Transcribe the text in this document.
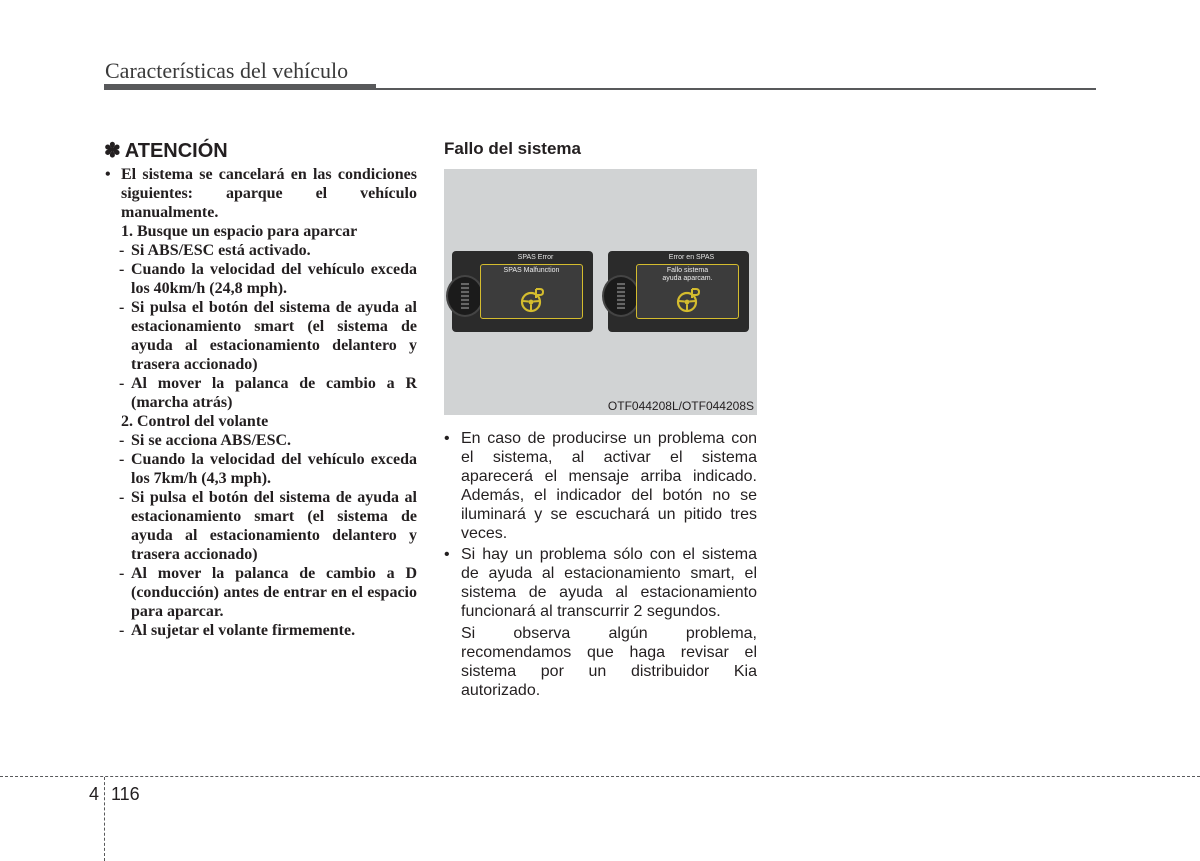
Características del vehículo
✽ ATENCIÓN
• El sistema se cancelará en las condiciones siguientes: aparque el vehículo manualmente.
1. Busque un espacio para aparcar
- Si ABS/ESC está activado.
- Cuando la velocidad del vehículo exceda los 40km/h (24,8 mph).
- Si pulsa el botón del sistema de ayuda al estacionamiento smart (el sistema de ayuda al estacionamiento delantero y trasera accionado)
- Al mover la palanca de cambio a R (marcha atrás)
2. Control del volante
- Si se acciona ABS/ESC.
- Cuando la velocidad del vehículo exceda los 7km/h (4,3 mph).
- Si pulsa el botón del sistema de ayuda al estacionamiento smart (el sistema de ayuda al estacionamiento delantero y trasera accionado)
- Al mover la palanca de cambio a D (conducción) antes de entrar en el espacio para aparcar.
- Al sujetar el volante firmemente.
Fallo del sistema
SPAS Error
SPAS Malfunction
Error en SPAS
Fallo sistema
ayuda aparcam.
OTF044208L/OTF044208S
• En caso de producirse un problema con el sistema, al activar el sistema aparecerá el mensaje arriba indicado. Además, el indicador del botón no se iluminará y se escuchará un pitido tres veces.
• Si hay un problema sólo con el sistema de ayuda al estacionamiento smart, el sistema de ayuda al estacionamiento funcionará al transcurrir 2 segundos.
Si observa algún problema, recomendamos que haga revisar el sistema por un distribuidor Kia autorizado.
4 116
